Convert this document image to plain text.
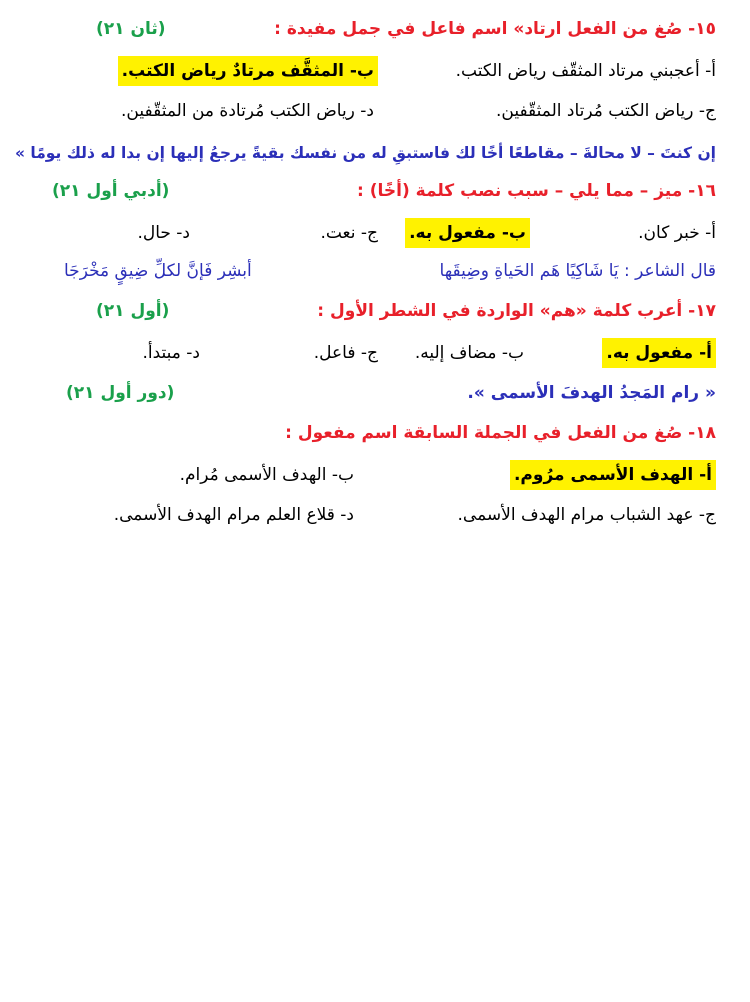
١٥- صُغ من الفعل ارتاد» اسم فاعل في جمل مفيدة :
(ثان ٢١)
أ- أعجبني مرتاد المثقّف رياض الكتب.
ب- المثقَّف مرتادٌ رياض الكتب.
ج- رياض الكتب مُرتاد المثقّفين.
د- رياض الكتب مُرتادة من المثقّفين.
إن كنتَ – لا محالةَ – مقاطعًا أخًا لك فاستبقِ له من نفسك بقيةً يرجعُ إليها إن بدا له ذلك يومًا »
١٦- ميز – مما يلي – سبب نصب كلمة (أخًا) :
(أدبي أول ٢١)
أ- خبر كان.
ب- مفعول به.
ج- نعت.
د- حال.
قال الشاعر : يَا شَاكِيًا هَم الحَياةِ وضِيقَها
أبشِر فَإنَّ لكلِّ ضِيقٍ مَخْرَجَا
١٧- أعرب كلمة «هم» الواردة في الشطر الأول :
(أول ٢١)
أ- مفعول به.
ب- مضاف إليه.
ج- فاعل.
د- مبتدأ.
« رام المَجدُ الهدفَ الأسمى ».
(دور أول ٢١)
١٨- صُغ من الفعل في الجملة السابقة اسم مفعول :
أ- الهدف الأسمى مرُوم.
ب- الهدف الأسمى مُرام.
ج- عهد الشباب مرام الهدف الأسمى.
د- قلاع العلم مرام الهدف الأسمى.
